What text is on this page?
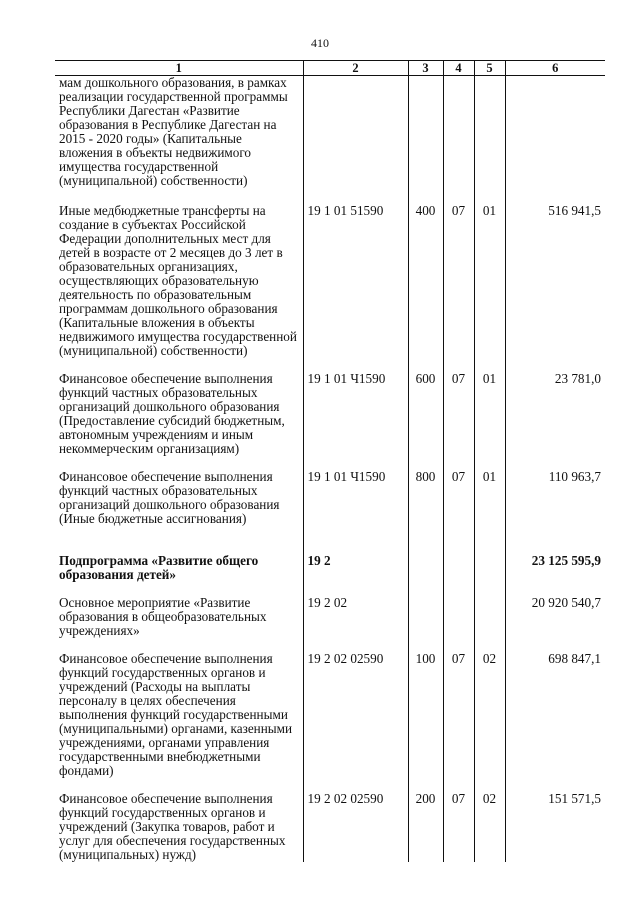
410
1	2	3	4	5	6
мам дошкольного образования, в рамках реализации государственной программы Республики Дагестан «Развитие образования в Республике Дагестан на 2015 - 2020 годы» (Капитальные вложения в объекты недвижимого имущества государственной (муниципальной) собственности)					
Иные медбюджетные трансферты на создание в субъектах Российской Федерации дополнительных мест для детей в возрасте от 2 месяцев до 3 лет в образовательных организациях, осуществляющих образовательную деятельность по образовательным программам дошкольного образования (Капитальные вложения в объекты недвижимого имущества государственной (муниципальной) собственности)	19 1 01 51590	400	07	01	516 941,5
Финансовое обеспечение выполнения функций частных образовательных организаций дошкольного образования (Предоставление субсидий бюджетным, автономным учреждениям и иным некоммерческим организациям)	19 1 01 Ч1590	600	07	01	23 781,0
Финансовое обеспечение выполнения функций частных образовательных организаций дошкольного образования (Иные бюджетные ассигнования)	19 1 01 Ч1590	800	07	01	110 963,7
Подпрограмма «Развитие общего образования детей»	19 2				23 125 595,9
Основное мероприятие «Развитие образования в общеобразовательных учреждениях»	19 2 02				20 920 540,7
Финансовое обеспечение выполнения функций государственных органов и учреждений (Расходы на выплаты персоналу в целях обеспечения выполнения функций государственными (муниципальными) органами, казенными учреждениями, органами управления государственными внебюджетными фондами)	19 2 02 02590	100	07	02	698 847,1
Финансовое обеспечение выполнения функций государственных органов и учреждений (Закупка товаров, работ и услуг для обеспечения государственных (муниципальных) нужд)	19 2 02 02590	200	07	02	151 571,5
